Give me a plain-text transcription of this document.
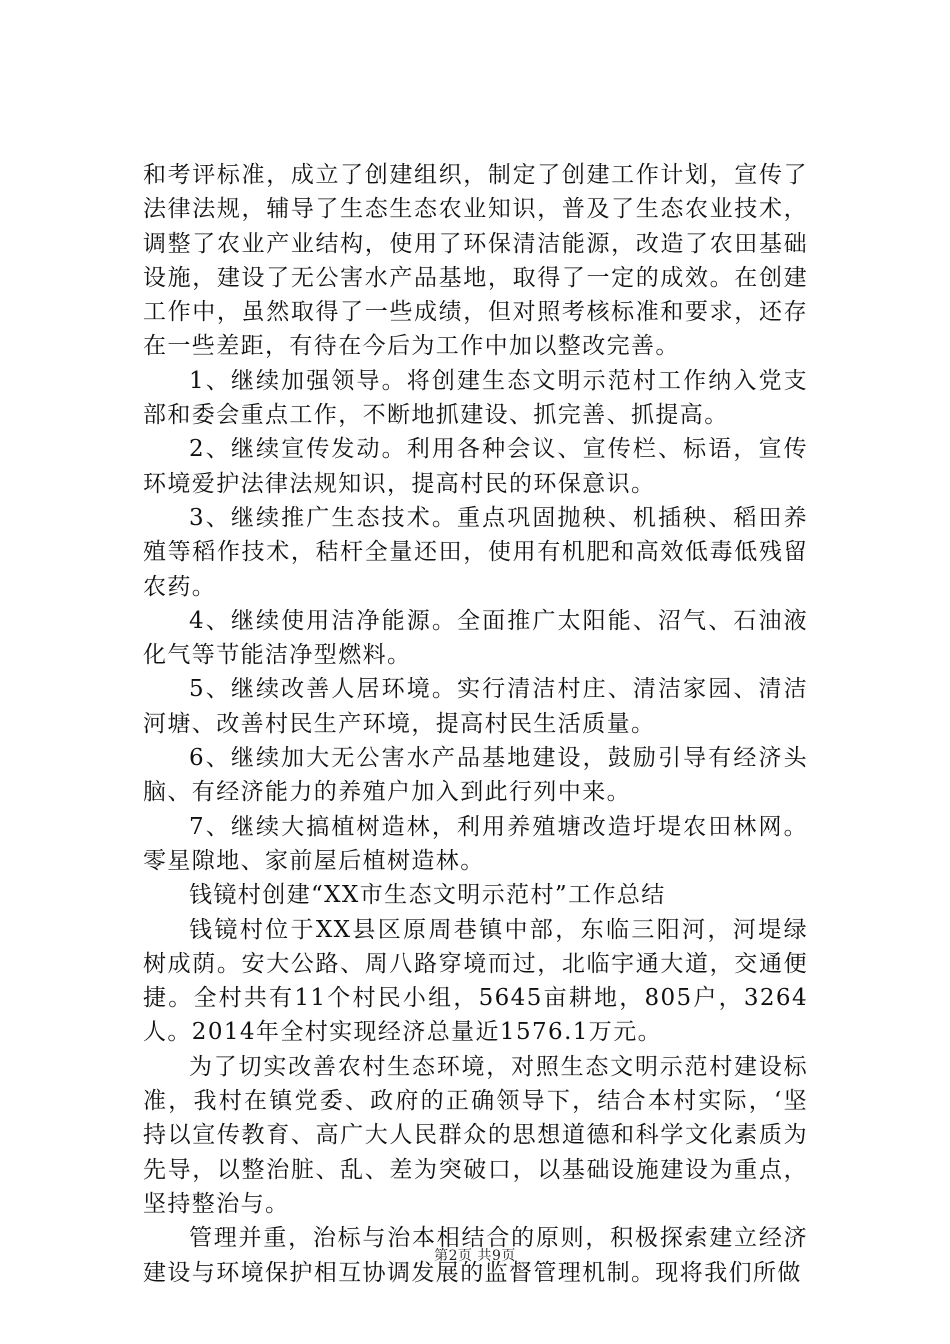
和考评标准，成立了创建组织，制定了创建工作计划，宣传了法律法规，辅导了生态生态农业知识，普及了生态农业技术，调整了农业产业结构，使用了环保清洁能源，改造了农田基础设施，建设了无公害水产品基地，取得了一定的成效。在创建工作中，虽然取得了一些成绩，但对照考核标准和要求，还存在一些差距，有待在今后为工作中加以整改完善。

1、继续加强领导。将创建生态文明示范村工作纳入党支部和委会重点工作，不断地抓建设、抓完善、抓提高。

2、继续宣传发动。利用各种会议、宣传栏、标语，宣传环境爱护法律法规知识，提高村民的环保意识。

3、继续推广生态技术。重点巩固抛秧、机插秧、稻田养殖等稻作技术，秸杆全量还田，使用有机肥和高效低毒低残留农药。

4、继续使用洁净能源。全面推广太阳能、沼气、石油液化气等节能洁净型燃料。

5、继续改善人居环境。实行清洁村庄、清洁家园、清洁河塘、改善村民生产环境，提高村民生活质量。

6、继续加大无公害水产品基地建设，鼓励引导有经济头脑、有经济能力的养殖户加入到此行列中来。

7、继续大搞植树造林，利用养殖塘改造圩堤农田林网。零星隙地、家前屋后植树造林。

钱镜村创建“XX市生态文明示范村”工作总结

钱镜村位于XX县区原周巷镇中部，东临三阳河，河堤绿树成荫。安大公路、周八路穿境而过，北临宇通大道，交通便捷。全村共有11个村民小组，5645亩耕地，805户，3264人。2014年全村实现经济总量近1576.1万元。

为了切实改善农村生态环境，对照生态文明示范村建设标准，我村在镇党委、政府的正确领导下，结合本村实际，‘坚持以宣传教育、高广大人民群众的思想道德和科学文化素质为先导，以整治脏、乱、差为突破口，以基础设施建设为重点，坚持整治与。

管理并重，治标与治本相结合的原则，积极探索建立经济建设与环境保护相互协调发展的监督管理机制。现将我们所做

第2页 共9页
